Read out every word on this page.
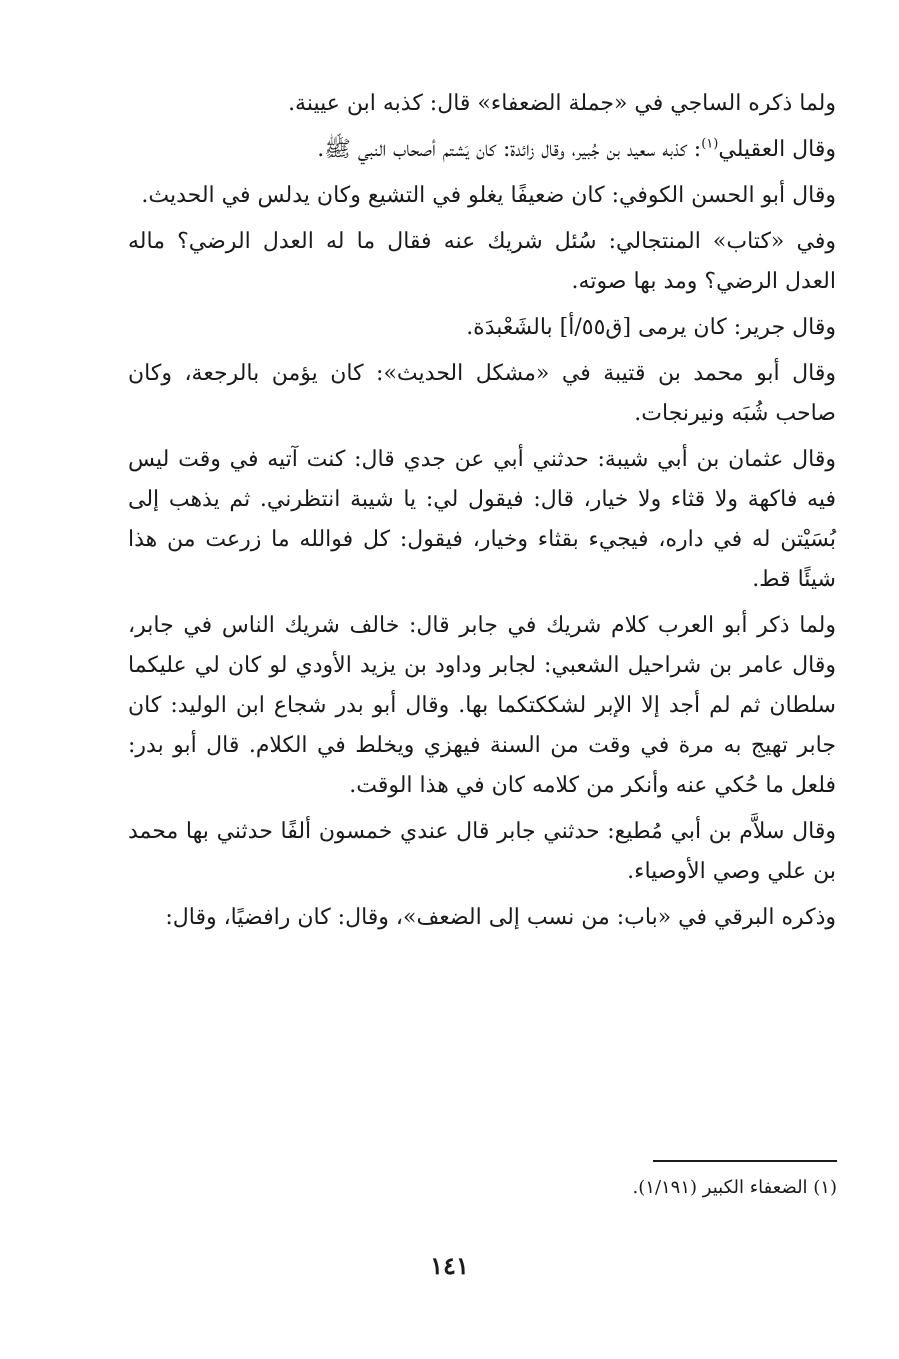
ولما ذكره الساجي في «جملة الضعفاء» قال: كذبه ابن عيينة.

وقال العقيلي$^{(١)}$: كذبه سعيد بن جُبير، وقال زائدة: كان يَشتم أصحاب النبي ﷺ.

وقال أبو الحسن الكوفي: كان ضعيفًا يغلو في التشيع وكان يدلس في الحديث.

وفي «كتاب» المنتجالي: سُئل شريك عنه فقال ما له العدل الرضي؟ ماله العدل الرضي؟ ومد بها صوته.

وقال جرير: كان يرمى [ق٥٥/أ] بالشَعْبدَة.

وقال أبو محمد بن قتيبة في «مشكل الحديث»: كان يؤمن بالرجعة، وكان صاحب شُبَه ونيرنجات.

وقال عثمان بن أبي شيبة: حدثني أبي عن جدي قال: كنت آتيه في وقت ليس فيه فاكهة ولا قثاء ولا خيار، قال: فيقول لي: يا شيبة انتظرني. ثم يذهب إلى بُسَيْتن له في داره، فيجيء بقثاء وخيار، فيقول: كل فوالله ما زرعت من هذا شيئًا قط.

ولما ذكر أبو العرب كلام شريك في جابر قال: خالف شريك الناس في جابر، وقال عامر بن شراحيل الشعبي: لجابر وداود بن يزيد الأودي لو كان لي عليكما سلطان ثم لم أجد إلا الإبر لشككتكما بها. وقال أبو بدر شجاع ابن الوليد: كان جابر تهيج به مرة في وقت من السنة فيهزي ويخلط في الكلام. قال أبو بدر: فلعل ما حُكي عنه وأنكر من كلامه كان في هذا الوقت.

وقال سلاَّم بن أبي مُطيع: حدثني جابر قال عندي خمسون ألفًا حدثني بها محمد بن علي وصي الأوصياء.

وذكره البرقي في «باب: من نسب إلى الضعف»، وقال: كان رافضيًا، وقال:

(١) الضعفاء الكبير (١/١٩١).
١٤١
